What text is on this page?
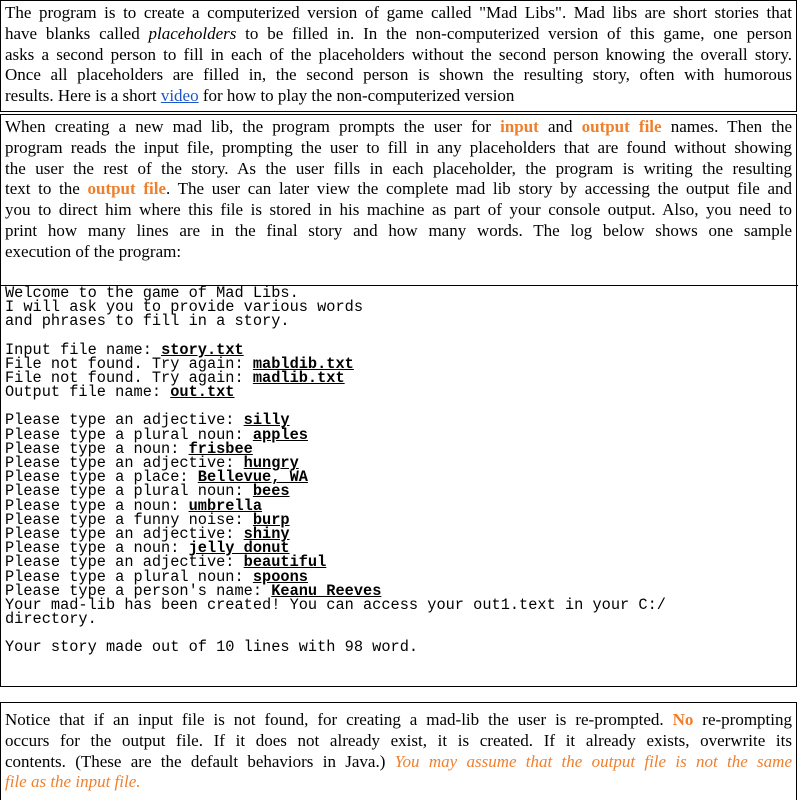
The program is to create a computerized version of game called "Mad Libs". Mad libs are short stories that
have blanks called placeholders to be filled in. In the non-computerized version of this game, one person
asks a second person to fill in each of the placeholders without the second person knowing the overall story.
Once all placeholders are filled in, the second person is shown the resulting story, often with humorous
results. Here is a short video for how to play the non-computerized version

When creating a new mad lib, the program prompts the user for input and output file names. Then the
program reads the input file, prompting the user to fill in any placeholders that are found without showing
the user the rest of the story. As the user fills in each placeholder, the program is writing the resulting
text to the output file. The user can later view the complete mad lib story by accessing the output file and
you to direct him where this file is stored in his machine as part of your console output. Also, you need to
print how many lines are in the final story and how many words. The log below shows one sample
execution of the program:

Welcome to the game of Mad Libs.
I will ask you to provide various words
and phrases to fill in a story.
Input file name: story.txt
File not found. Try again: mabldib.txt
File not found. Try again: madlib.txt
Output file name: out.txt
Please type an adjective: silly
Please type a plural noun: apples
Please type a noun: frisbee
Please type an adjective: hungry
Please type a place: Bellevue, WA
Please type a plural noun: bees
Please type a noun: umbrella
Please type a funny noise: burp
Please type an adjective: shiny
Please type a noun: jelly donut
Please type an adjective: beautiful
Please type a plural noun: spoons
Please type a person's name: Keanu Reeves
Your mad-lib has been created! You can access your out1.text in your C:/
directory.
Your story made out of 10 lines with 98 word.

Notice that if an input file is not found, for creating a mad-lib the user is re-prompted. No re-prompting
occurs for the output file. If it does not already exist, it is created. If it already exists, overwrite its
contents. (These are the default behaviors in Java.) You may assume that the output file is not the same
file as the input file.
